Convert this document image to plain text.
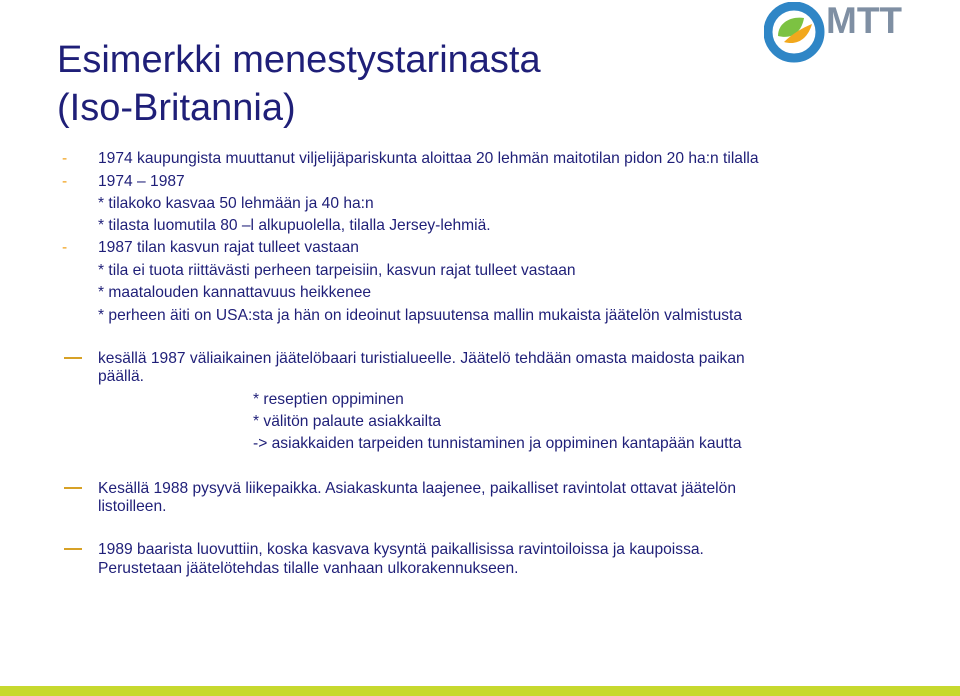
MTT
Esimerkki menestystarinasta
(Iso-Britannia)
- 1974 kaupungista muuttanut viljelijäpariskunta aloittaa 20 lehmän maitotilan pidon 20 ha:n tilalla
- 1974 – 1987
* tilakoko kasvaa 50 lehmään ja 40 ha:n
* tilasta luomutila 80 –l alkupuolella, tilalla Jersey-lehmiä.
- 1987 tilan kasvun rajat tulleet vastaan
* tila ei tuota riittävästi perheen tarpeisiin, kasvun rajat tulleet vastaan
* maatalouden kannattavuus heikkenee
* perheen äiti on USA:sta ja hän on ideoinut lapsuutensa mallin mukaista jäätelön valmistusta
kesällä 1987 väliaikainen jäätelöbaari turistialueelle. Jäätelö tehdään omasta maidosta paikan
päällä.
* reseptien oppiminen
* välitön palaute asiakkailta
-> asiakkaiden tarpeiden tunnistaminen ja oppiminen kantapään kautta
Kesällä 1988 pysyvä liikepaikka. Asiakaskunta laajenee, paikalliset ravintolat ottavat jäätelön
listoilleen.
1989 baarista luovuttiin, koska kasvava kysyntä paikallisissa ravintoiloissa ja kaupoissa.
Perustetaan jäätelötehdas tilalle vanhaan ulkorakennukseen.
